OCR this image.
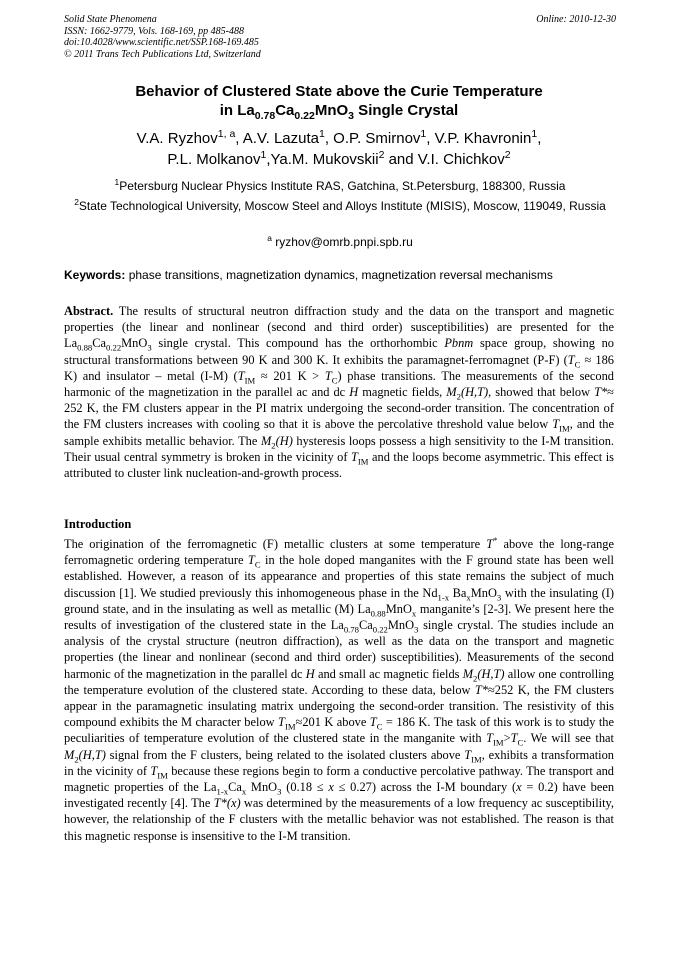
Solid State Phenomena
ISSN: 1662-9779, Vols. 168-169, pp 485-488
doi:10.4028/www.scientific.net/SSP.168-169.485
© 2011 Trans Tech Publications Ltd, Switzerland
Online: 2010-12-30
Behavior of Clustered State above the Curie Temperature
in $La_{0.78}Ca_{0.22}MnO_3$ Single Crystal
V.A. Ryzhov$^{1, a}$, A.V. Lazuta$^1$, O.P. Smirnov$^1$, V.P. Khavronin$^1$,
P.L. Molkanov$^1$,Ya.M. Mukovskii$^2$ and V.I. Chichkov$^2$
$^1$Petersburg Nuclear Physics Institute RAS, Gatchina, St.Petersburg, 188300, Russia
$^2$State Technological University, Moscow Steel and Alloys Institute (MISIS), Moscow, 119049, Russia
$^a$ ryzhov@omrb.pnpi.spb.ru
Keywords: phase transitions, magnetization dynamics, magnetization reversal mechanisms
Abstract. The results of structural neutron diffraction study and the data on the transport and magnetic properties (the linear and nonlinear (second and third order) susceptibilities) are presented for the $La_{0.88}Ca_{0.22}MnO_3$ single crystal. This compound has the orthorhombic Pbnm space group, showing no structural transformations between 90 K and 300 K. It exhibits the paramagnet-ferromagnet (P-F) ($T_C \approx 186$ K) and insulator – metal (I-M) ($T_{IM} \approx 201$ $K > T_C$) phase transitions. The measurements of the second harmonic of the magnetization in the parallel ac and dc H magnetic fields, $M_2(H,T)$, showed that below T*≈ 252 K, the FM clusters appear in the PI matrix undergoing the second-order transition. The concentration of the FM clusters increases with cooling so that it is above the percolative threshold value below $T_{IM}$, and the sample exhibits metallic behavior. The $M_2(H)$ hysteresis loops possess a high sensitivity to the I-M transition. Their usual central symmetry is broken in the vicinity of $T_{IM}$ and the loops become asymmetric. This effect is attributed to cluster link nucleation-and-growth process.
Introduction
The origination of the ferromagnetic (F) metallic clusters at some temperature T* above the long-range ferromagnetic ordering temperature $T_C$ in the hole doped manganites with the F ground state has been well established. However, a reason of its appearance and properties of this state remains the subject of much discussion [1]. We studied previously this inhomogeneous phase in the $Nd_{1-x}$ $Ba_xMnO_3$ with the insulating (I) ground state, and in the insulating as well as metallic (M) $La_{0.88}MnO_x$ manganite’s [2-3]. We present here the results of investigation of the clustered state in the $La_{0.78}Ca_{0.22}MnO_3$ single crystal. The studies include an analysis of the crystal structure (neutron diffraction), as well as the data on the transport and magnetic properties (the linear and nonlinear (second and third order) susceptibilities). Measurements of the second harmonic of the magnetization in the parallel dc H and small ac magnetic fields $M_2(H,T)$ allow one controlling the temperature evolution of the clustered state. According to these data, below T*≈252 K, the FM clusters appear in the paramagnetic insulating matrix undergoing the second-order transition. The resistivity of this compound exhibits the M character below $T_{IM}\approx 201$ K above $T_C = 186$ K. The task of this work is to study the peculiarities of temperature evolution of the clustered state in the manganite with $T_{IM}>T_C$. We will see that $M_2(H,T)$ signal from the F clusters, being related to the isolated clusters above $T_{IM}$, exhibits a transformation in the vicinity of $T_{IM}$ because these regions begin to form a conductive percolative pathway. The transport and magnetic properties of the $La_{1-x}Ca_x$ MnO$_3$ (0.18 ≤ x ≤ 0.27) across the I-M boundary (x = 0.2) have been investigated recently [4]. The T*(x) was determined by the measurements of a low frequency ac susceptibility, however, the relationship of the F clusters with the metallic behavior was not established. The reason is that this magnetic response is insensitive to the I-M transition.
